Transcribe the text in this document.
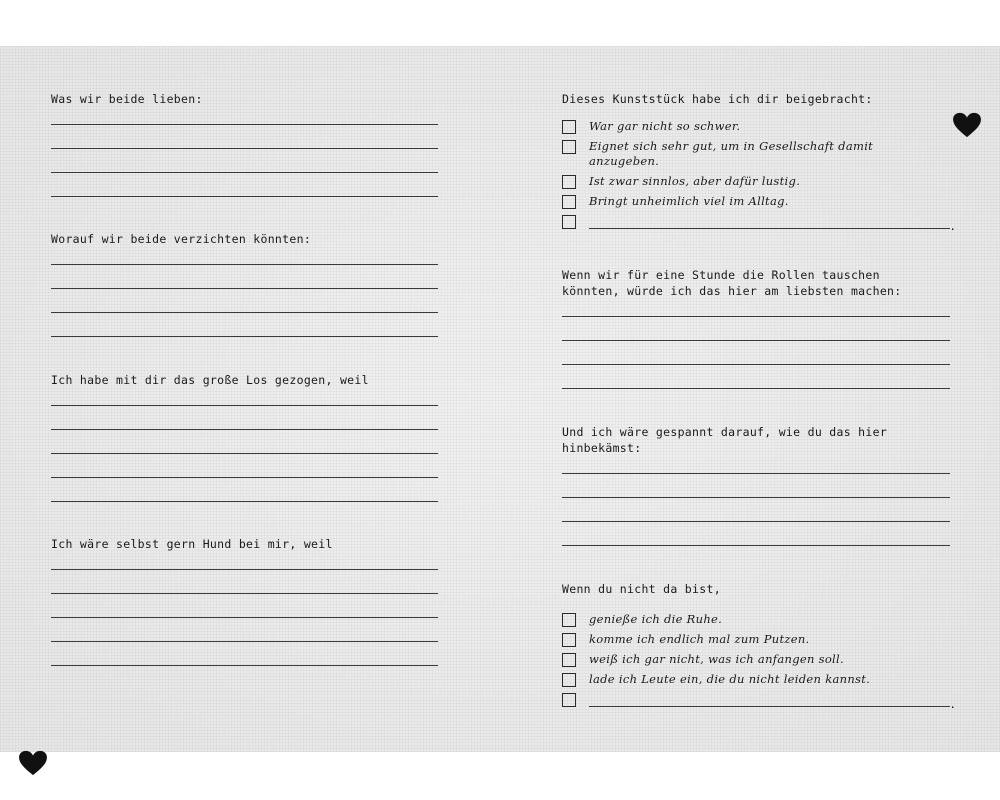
Was wir beide lieben:
Worauf wir beide verzichten könnten:
Ich habe mit dir das große Los gezogen, weil
Ich wäre selbst gern Hund bei mir, weil
Dieses Kunststück habe ich dir beigebracht:
War gar nicht so schwer.
Eignet sich sehr gut, um in Gesellschaft damit anzugeben.
Ist zwar sinnlos, aber dafür lustig.
Bringt unheimlich viel im Alltag.
.
Wenn wir für eine Stunde die Rollen tauschen
könnten, würde ich das hier am liebsten machen:
Und ich wäre gespannt darauf, wie du das hier
hinbekämst:
Wenn du nicht da bist,
genieße ich die Ruhe.
komme ich endlich mal zum Putzen.
weiß ich gar nicht, was ich anfangen soll.
lade ich Leute ein, die du nicht leiden kannst.
.
